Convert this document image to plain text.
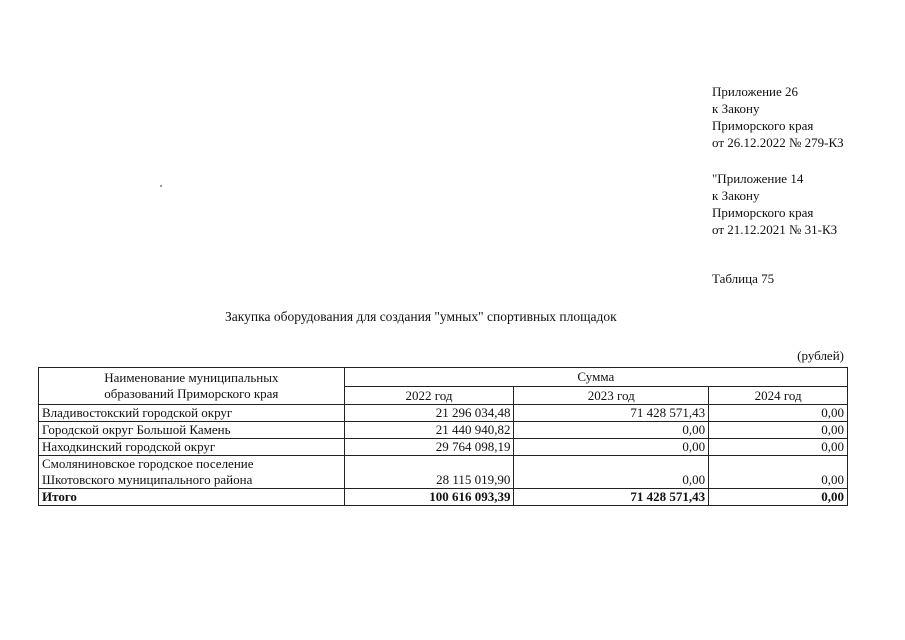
Приложение 26
к Закону
Приморского края
от 26.12.2022 № 279-КЗ
"Приложение 14
к Закону
Приморского края
от 21.12.2021 № 31-КЗ
Таблица 75
Закупка оборудования для создания "умных" спортивных площадок
(рублей)
Наименование муниципальных
образований Приморского края	Сумма		
	2022 год	2023 год	2024 год
Владивостокский городской округ	21 296 034,48	71 428 571,43	0,00
Городской округ Большой Камень	21 440 940,82	0,00	0,00
Находкинский городской округ	29 764 098,19	0,00	0,00

Смоляниновское городское поселение
Шкотовского муниципального района	28 115 019,90	0,00	0,00
Итого	100 616 093,39	71 428 571,43	0,00
